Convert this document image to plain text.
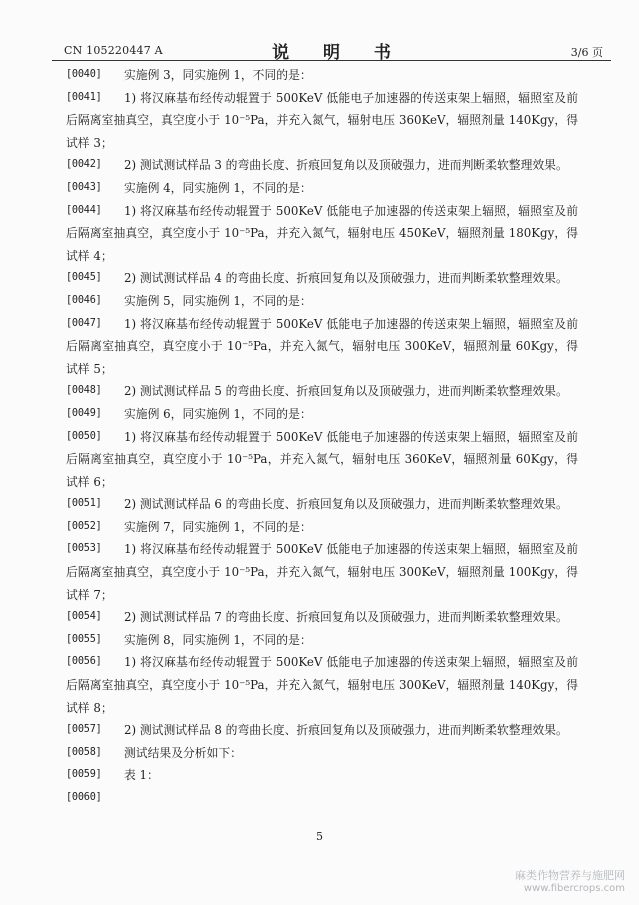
CN 105220447 A	说 明 书	3/6 页

[0040]	实施例 3，同实施例 1，不同的是：

[0041]	1) 将汉麻基布经传动辊置于 500KeV 低能电子加速器的传送束架上辐照，辐照室及前后隔离室抽真空，真空度小于 10⁻⁵Pa，并充入氮气，辐射电压 360KeV，辐照剂量 140Kgy，得试样 3；

[0042]	2) 测试测试样品 3 的弯曲长度、折痕回复角以及顶破强力，进而判断柔软整理效果。

[0043]	实施例 4，同实施例 1，不同的是：

[0044]	1) 将汉麻基布经传动辊置于 500KeV 低能电子加速器的传送束架上辐照，辐照室及前后隔离室抽真空，真空度小于 10⁻⁵Pa，并充入氮气，辐射电压 450KeV，辐照剂量 180Kgy，得试样 4；

[0045]	2) 测试测试样品 4 的弯曲长度、折痕回复角以及顶破强力，进而判断柔软整理效果。

[0046]	实施例 5，同实施例 1，不同的是：

[0047]	1) 将汉麻基布经传动辊置于 500KeV 低能电子加速器的传送束架上辐照，辐照室及前后隔离室抽真空，真空度小于 10⁻⁵Pa，并充入氮气，辐射电压 300KeV，辐照剂量 60Kgy，得试样 5；

[0048]	2) 测试测试样品 5 的弯曲长度、折痕回复角以及顶破强力，进而判断柔软整理效果。

[0049]	实施例 6，同实施例 1，不同的是：

[0050]	1) 将汉麻基布经传动辊置于 500KeV 低能电子加速器的传送束架上辐照，辐照室及前后隔离室抽真空，真空度小于 10⁻⁵Pa，并充入氮气，辐射电压 360KeV，辐照剂量 60Kgy，得试样 6；

[0051]	2) 测试测试样品 6 的弯曲长度、折痕回复角以及顶破强力，进而判断柔软整理效果。

[0052]	实施例 7，同实施例 1，不同的是：

[0053]	1) 将汉麻基布经传动辊置于 500KeV 低能电子加速器的传送束架上辐照，辐照室及前后隔离室抽真空，真空度小于 10⁻⁵Pa，并充入氮气，辐射电压 300KeV，辐照剂量 100Kgy，得试样 7；

[0054]	2) 测试测试样品 7 的弯曲长度、折痕回复角以及顶破强力，进而判断柔软整理效果。

[0055]	实施例 8，同实施例 1，不同的是：

[0056]	1) 将汉麻基布经传动辊置于 500KeV 低能电子加速器的传送束架上辐照，辐照室及前后隔离室抽真空，真空度小于 10⁻⁵Pa，并充入氮气，辐射电压 300KeV，辐照剂量 140Kgy，得试样 8；

[0057]	2) 测试测试样品 8 的弯曲长度、折痕回复角以及顶破强力，进而判断柔软整理效果。

[0058]	测试结果及分析如下：

[0059]	表 1：

[0060]

5
麻类作物营养与施肥网
www.fibercrops.com
